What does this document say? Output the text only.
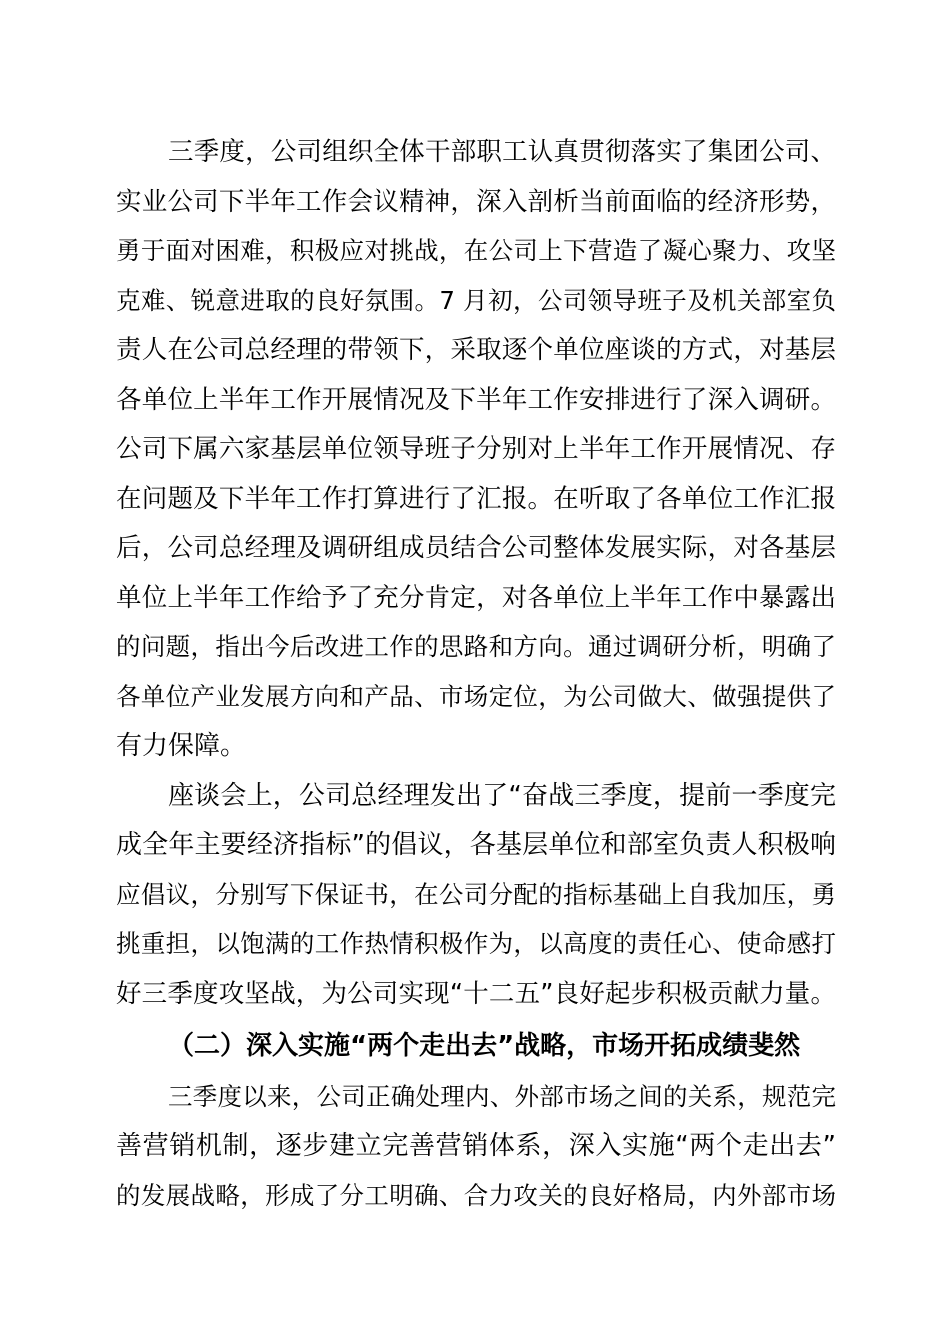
三季度，公司组织全体干部职工认真贯彻落实了集团公司、
实业公司下半年工作会议精神，深入剖析当前面临的经济形势，
勇于面对困难，积极应对挑战，在公司上下营造了凝心聚力、攻坚
克难、锐意进取的良好氛围。7 月初，公司领导班子及机关部室负
责人在公司总经理的带领下，采取逐个单位座谈的方式，对基层
各单位上半年工作开展情况及下半年工作安排进行了深入调研。
公司下属六家基层单位领导班子分别对上半年工作开展情况、存
在问题及下半年工作打算进行了汇报。在听取了各单位工作汇报
后，公司总经理及调研组成员结合公司整体发展实际，对各基层
单位上半年工作给予了充分肯定，对各单位上半年工作中暴露出
的问题，指出今后改进工作的思路和方向。通过调研分析，明确了
各单位产业发展方向和产品、市场定位，为公司做大、做强提供了
有力保障。
座谈会上，公司总经理发出了“奋战三季度，提前一季度完
成全年主要经济指标”的倡议，各基层单位和部室负责人积极响
应倡议，分别写下保证书，在公司分配的指标基础上自我加压，勇
挑重担，以饱满的工作热情积极作为，以高度的责任心、使命感打
好三季度攻坚战，为公司实现“十二五”良好起步积极贡献力量。
（二）深入实施“两个走出去”战略，市场开拓成绩斐然
三季度以来，公司正确处理内、外部市场之间的关系，规范完
善营销机制，逐步建立完善营销体系，深入实施“两个走出去”
的发展战略，形成了分工明确、合力攻关的良好格局，内外部市场
